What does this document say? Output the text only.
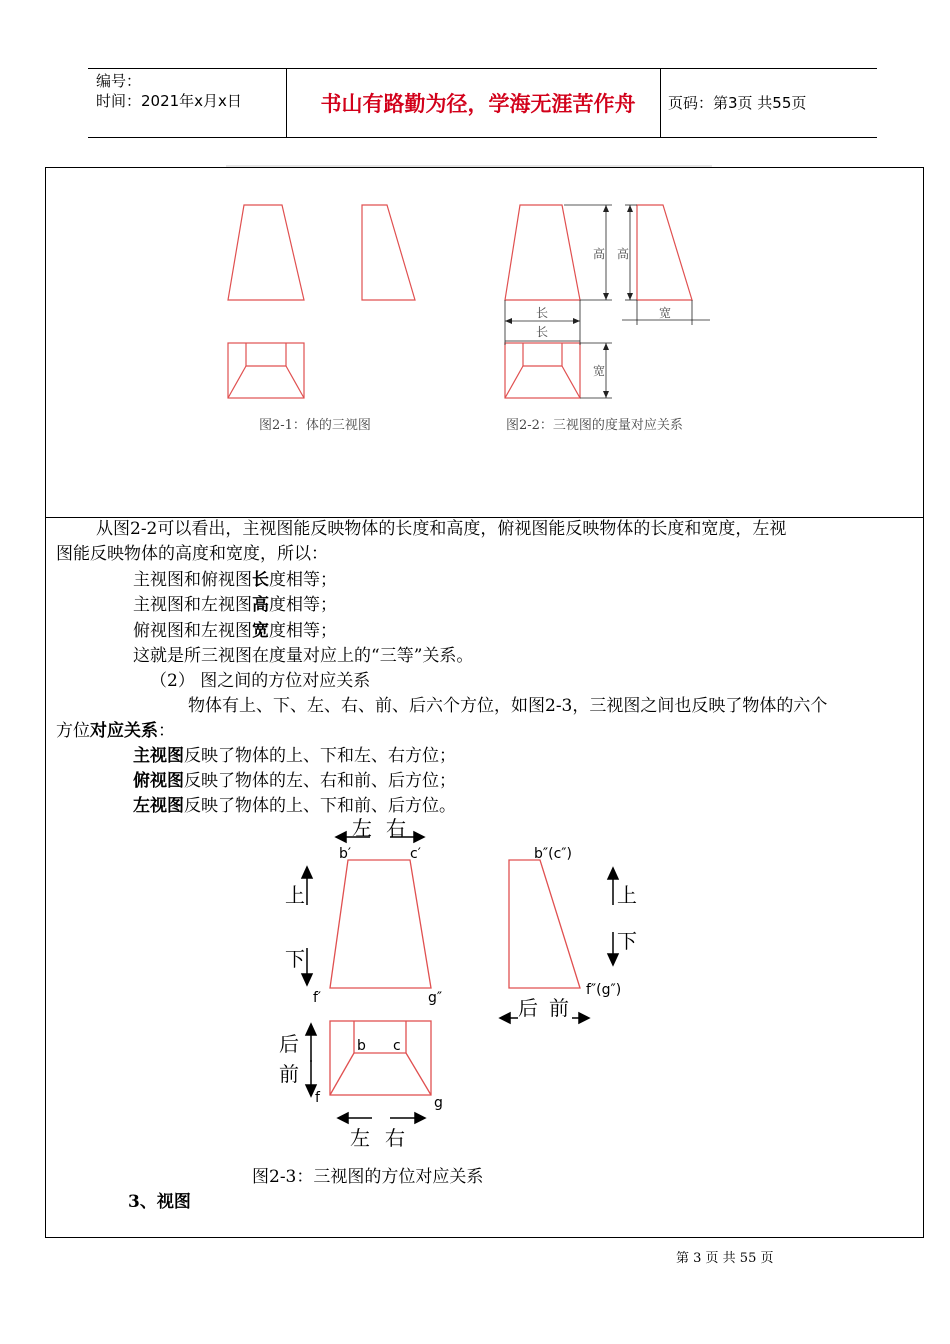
编号：
时间：2021年x月x日	书山有路勤为径，学海无涯苦作舟	页码：第3页 共55页
高 高
长
长
宽
宽
图2-1：体的三视图	图2-2：三视图的度量对应关系
从图2-2可以看出，主视图能反映物体的长度和高度，俯视图能反映物体的长度和宽度，左视
图能反映物体的高度和宽度，所以：
主视图和俯视图长度相等；
主视图和左视图高度相等；
俯视图和左视图宽度相等；
这就是所三视图在度量对应上的“三等”关系。
（2） 图之间的方位对应关系
物体有上、下、左、右、前、后六个方位，如图2-3，三视图之间也反映了物体的六个
方位对应关系：
主视图反映了物体的上、下和左、右方位；
俯视图反映了物体的左、右和前、后方位；
左视图反映了物体的上、下和前、后方位。
左 右
上
下
上
下
后 前
后
前
左 右
b′	c′
f′	g″
b″(c″)
f″(g″)
b c
f	g
图2-3：三视图的方位对应关系
3、视图
第 3 页 共 55 页
